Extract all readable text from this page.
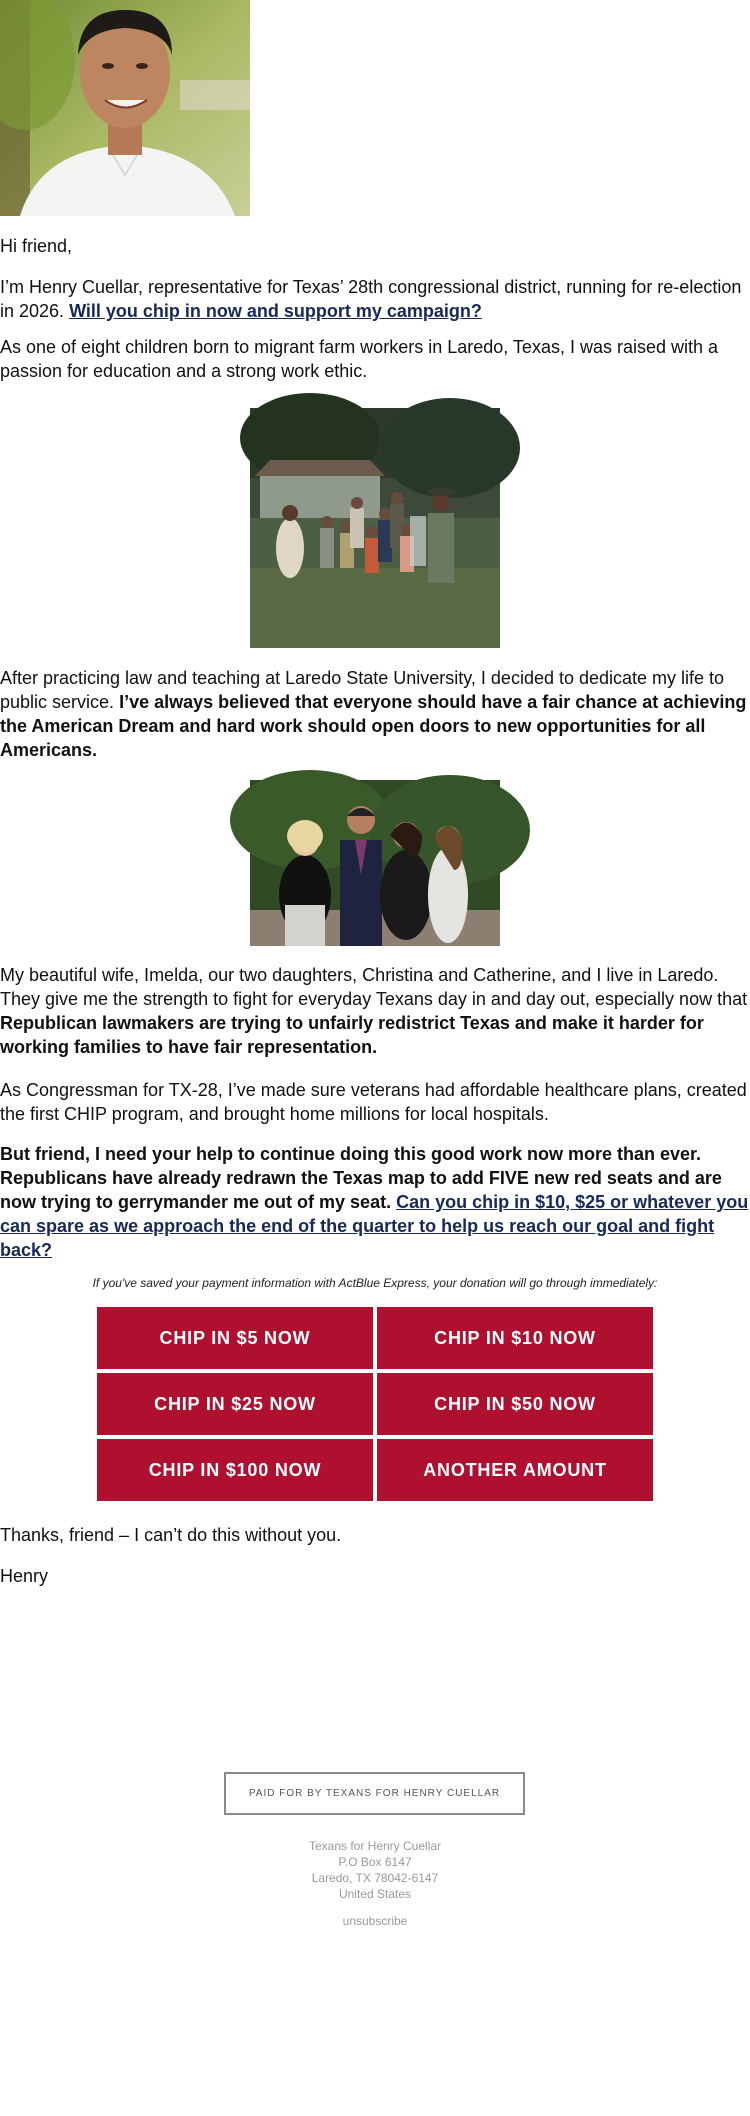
Hi friend,

I’m Henry Cuellar, representative for Texas’ 28th congressional district, running for re-election
in 2026. Will you chip in now and support my campaign?

As one of eight children born to migrant farm workers in Laredo, Texas, I was raised with a
passion for education and a strong work ethic.

After practicing law and teaching at Laredo State University, I decided to dedicate my life to
public service. I’ve always believed that everyone should have a fair chance at achieving
the American Dream and hard work should open doors to new opportunities for all
Americans.

My beautiful wife, Imelda, our two daughters, Christina and Catherine, and I live in Laredo.
They give me the strength to fight for everyday Texans day in and day out, especially now that
Republican lawmakers are trying to unfairly redistrict Texas and make it harder for
working families to have fair representation.

As Congressman for TX-28, I’ve made sure veterans had affordable healthcare plans, created
the first CHIP program, and brought home millions for local hospitals.

But friend, I need your help to continue doing this good work now more than ever.
Republicans have already redrawn the Texas map to add FIVE new red seats and are
now trying to gerrymander me out of my seat. Can you chip in $10, $25 or whatever you
can spare as we approach the end of the quarter to help us reach our goal and fight
back?

If you've saved your payment information with ActBlue Express, your donation will go through immediately:
CHIP IN $5 NOW	CHIP IN $10 NOW
CHIP IN $25 NOW	CHIP IN $50 NOW
CHIP IN $100 NOW	ANOTHER AMOUNT

Thanks, friend – I can’t do this without you.

Henry

PAID FOR BY TEXANS FOR HENRY CUELLAR
Texans for Henry Cuellar
P.O Box 6147
Laredo, TX 78042-6147
United States
unsubscribe
